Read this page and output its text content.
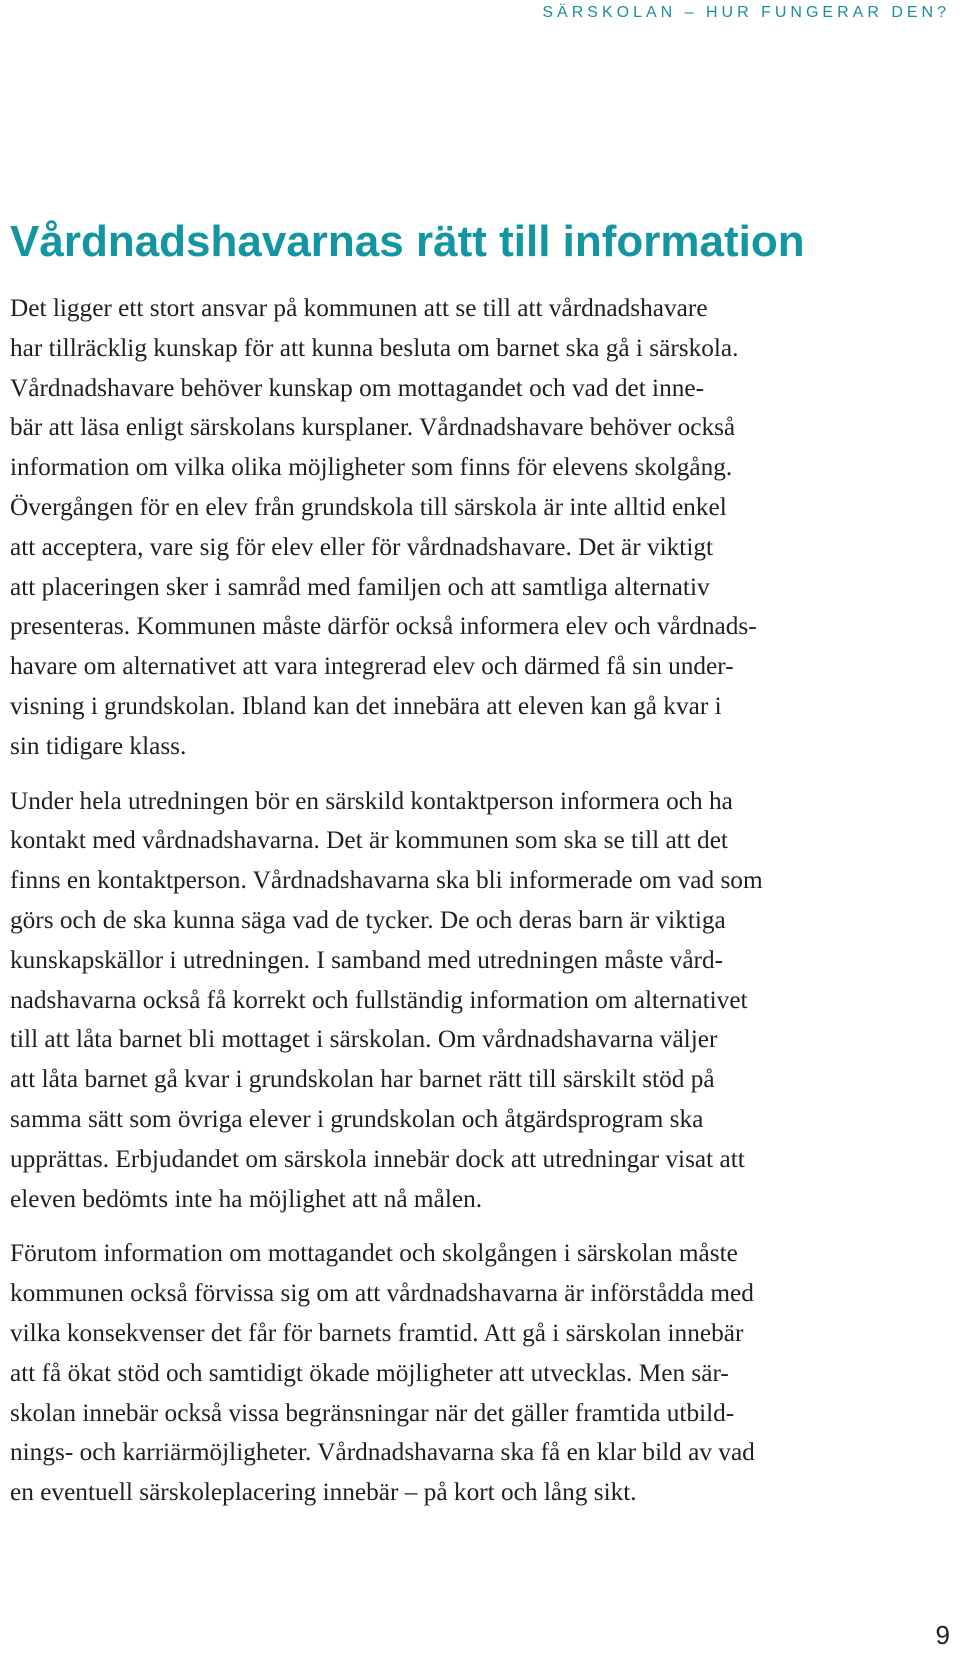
SÄRSKOLAN – HUR FUNGERAR DEN?
Vårdnadshavarnas rätt till information

Det ligger ett stort ansvar på kommunen att se till att vårdnadshavare
har tillräcklig kunskap för att kunna besluta om barnet ska gå i särskola.
Vårdnadshavare behöver kunskap om mottagandet och vad det inne-
bär att läsa enligt särskolans kursplaner. Vårdnadshavare behöver också
information om vilka olika möjligheter som finns för elevens skolgång.
Övergången för en elev från grundskola till särskola är inte alltid enkel
att acceptera, vare sig för elev eller för vårdnadshavare. Det är viktigt
att placeringen sker i samråd med familjen och att samtliga alternativ
presenteras. Kommunen måste därför också informera elev och vårdnads-
havare om alternativet att vara integrerad elev och därmed få sin under-
visning i grundskolan. Ibland kan det innebära att eleven kan gå kvar i
sin tidigare klass.

Under hela utredningen bör en särskild kontaktperson informera och ha
kontakt med vårdnadshavarna. Det är kommunen som ska se till att det
finns en kontaktperson. Vårdnadshavarna ska bli informerade om vad som
görs och de ska kunna säga vad de tycker. De och deras barn är viktiga
kunskapskällor i utredningen. I samband med utredningen måste vård-
nadshavarna också få korrekt och fullständig information om alternativet
till att låta barnet bli mottaget i särskolan. Om vårdnadshavarna väljer
att låta barnet gå kvar i grundskolan har barnet rätt till särskilt stöd på
samma sätt som övriga elever i grundskolan och åtgärdsprogram ska
upprättas. Erbjudandet om särskola innebär dock att utredningar visat att
eleven bedömts inte ha möjlighet att nå målen.

Förutom information om mottagandet och skolgången i särskolan måste
kommunen också förvissa sig om att vårdnadshavarna är införstådda med
vilka konsekvenser det får för barnets framtid. Att gå i särskolan innebär
att få ökat stöd och samtidigt ökade möjligheter att utvecklas. Men sär-
skolan innebär också vissa begränsningar när det gäller framtida utbild-
nings- och karriärmöjligheter. Vårdnadshavarna ska få en klar bild av vad
en eventuell särskoleplacering innebär – på kort och lång sikt.

9
